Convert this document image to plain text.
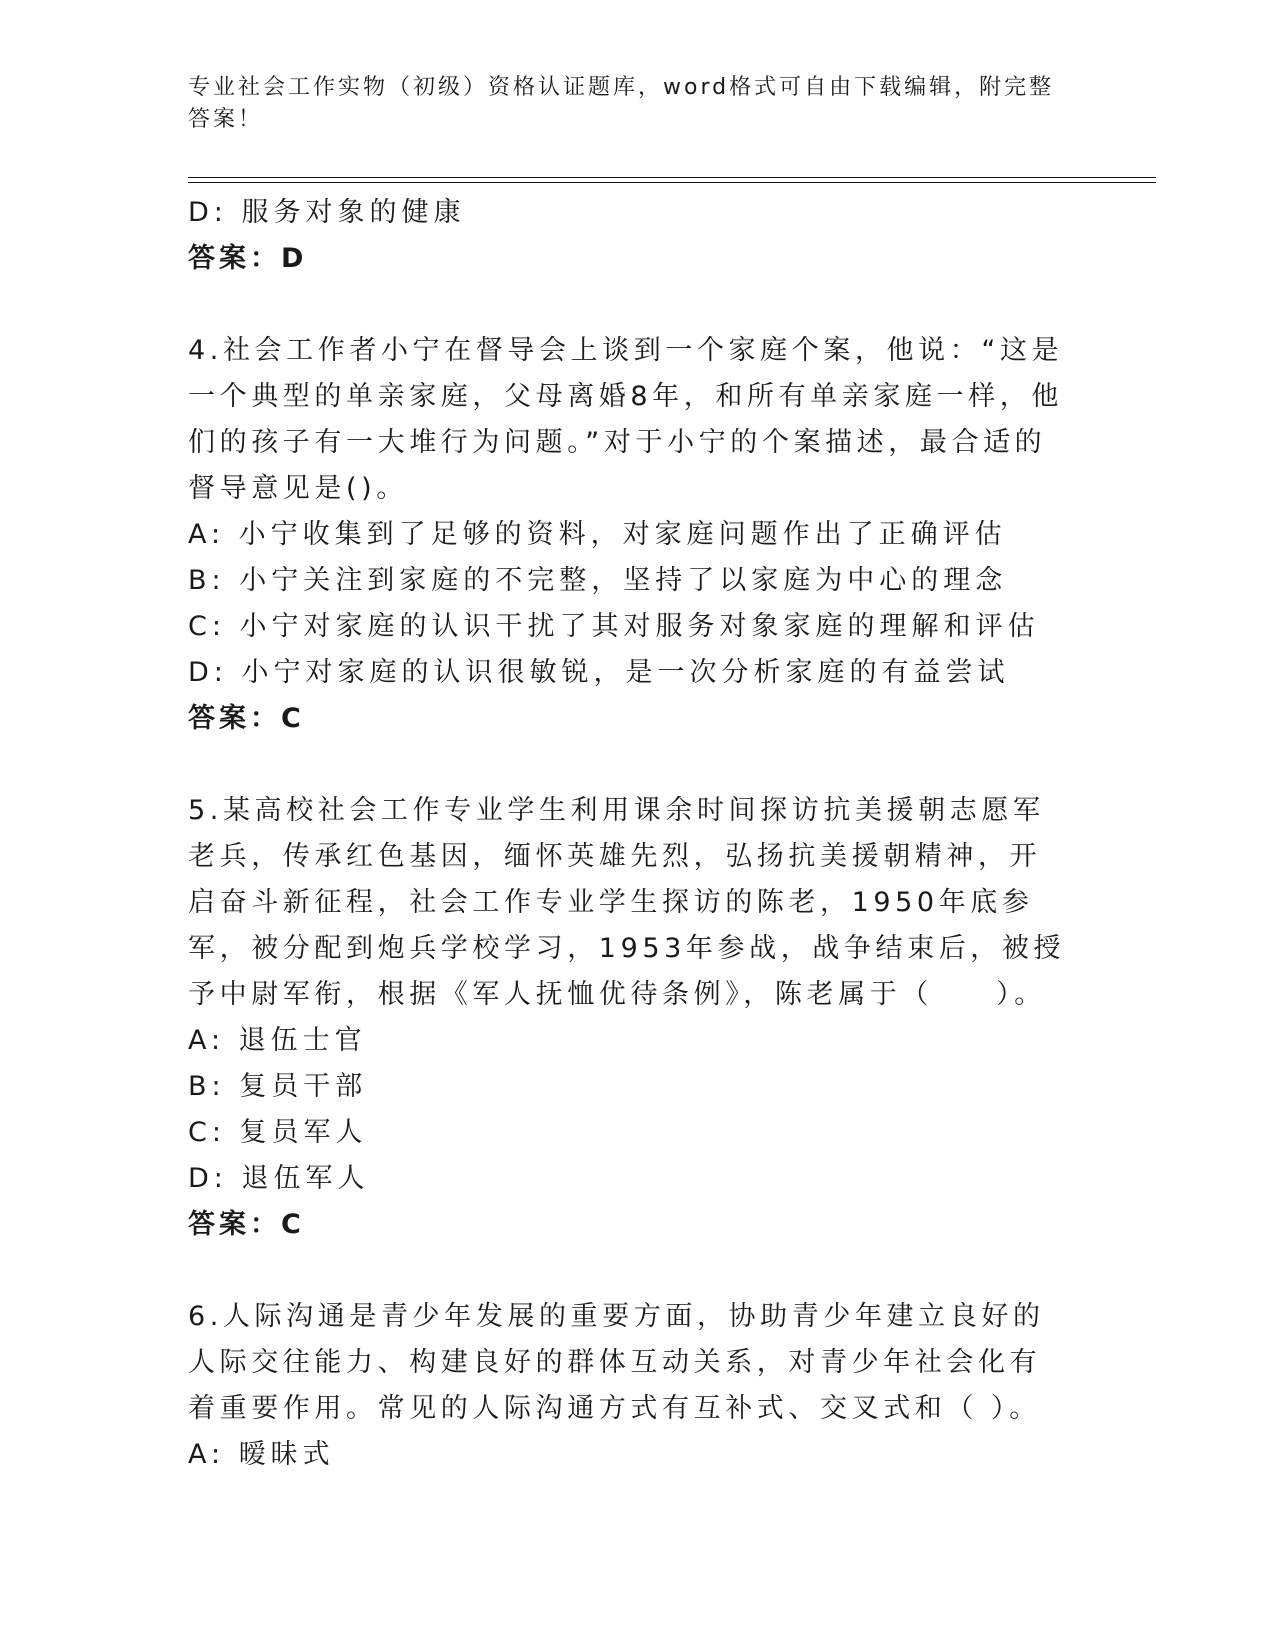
专业社会工作实物（初级）资格认证题库，word格式可自由下载编辑，附完整答案！

D: 服务对象的健康

答案：D

4.社会工作者小宁在督导会上谈到一个家庭个案，他说：“这是一个典型的单亲家庭，父母离婚8年，和所有单亲家庭一样，他们的孩子有一大堆行为问题。”对于小宁的个案描述，最合适的督导意见是()。

A: 小宁收集到了足够的资料，对家庭问题作出了正确评估

B: 小宁关注到家庭的不完整，坚持了以家庭为中心的理念

C: 小宁对家庭的认识干扰了其对服务对象家庭的理解和评估

D: 小宁对家庭的认识很敏锐，是一次分析家庭的有益尝试

答案：C

5.某高校社会工作专业学生利用课余时间探访抗美援朝志愿军老兵，传承红色基因，缅怀英雄先烈，弘扬抗美援朝精神，开启奋斗新征程，社会工作专业学生探访的陈老，1950年底参军，被分配到炮兵学校学习，1953年参战，战争结束后，被授予中尉军衔，根据《军人抚恤优待条例》，陈老属于（　　）。

A: 退伍士官

B: 复员干部

C: 复员军人

D: 退伍军人

答案：C

6.人际沟通是青少年发展的重要方面，协助青少年建立良好的人际交往能力、构建良好的群体互动关系，对青少年社会化有着重要作用。常见的人际沟通方式有互补式、交叉式和（ ）。

A: 暧昧式
